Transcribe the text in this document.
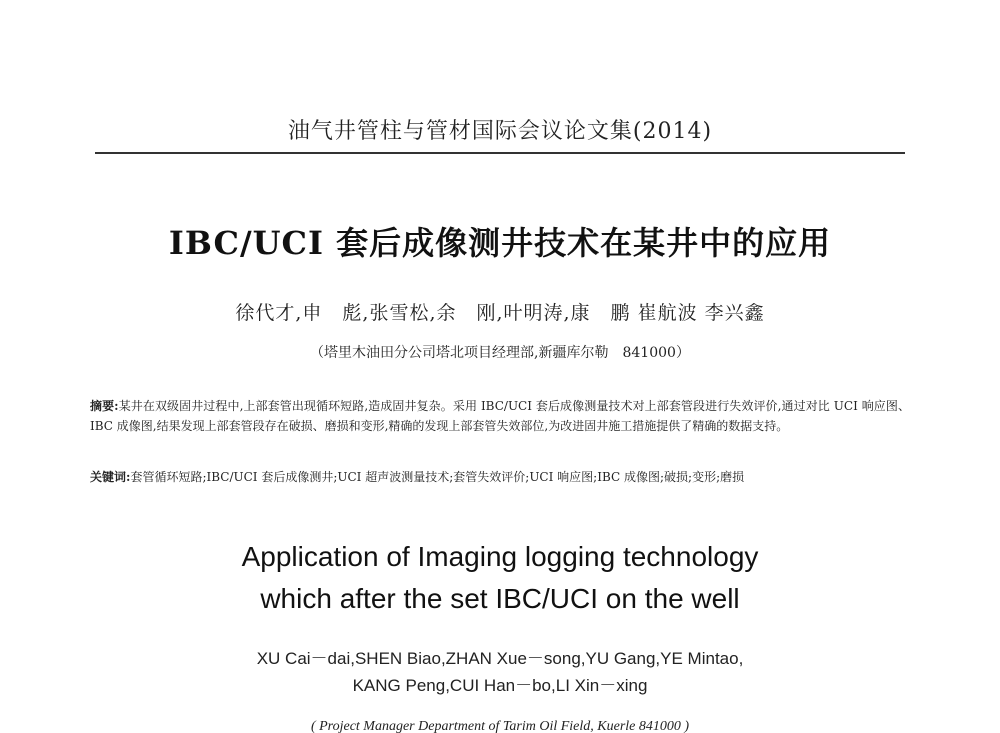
油气井管柱与管材国际会议论文集(2014)
IBC/UCI 套后成像测井技术在某井中的应用
徐代才,申　彪,张雪松,余　刚,叶明涛,康　鹏 崔航波 李兴鑫
（塔里木油田分公司塔北项目经理部,新疆库尔勒　841000）
摘要:某井在双级固井过程中,上部套管出现循环短路,造成固井复杂。采用 IBC/UCI 套后成像测量技术对上部套管段进行失效评价,通过对比 UCI 响应图、IBC 成像图,结果发现上部套管段存在破损、磨损和变形,精确的发现上部套管失效部位,为改进固井施工措施提供了精确的数据支持。
关键词:套管循环短路;IBC/UCI 套后成像测井;UCI 超声波测量技术;套管失效评价;UCI 响应图;IBC 成像图;破损;变形;磨损
Application of Imaging logging technology
which after the set IBC/UCI on the well
XU Cai－dai,SHEN Biao,ZHAN Xue－song,YU Gang,YE Mintao,
KANG Peng,CUI Han－bo,LI Xin－xing
( Project Manager Department of Tarim Oil Field, Kuerle 841000 )
